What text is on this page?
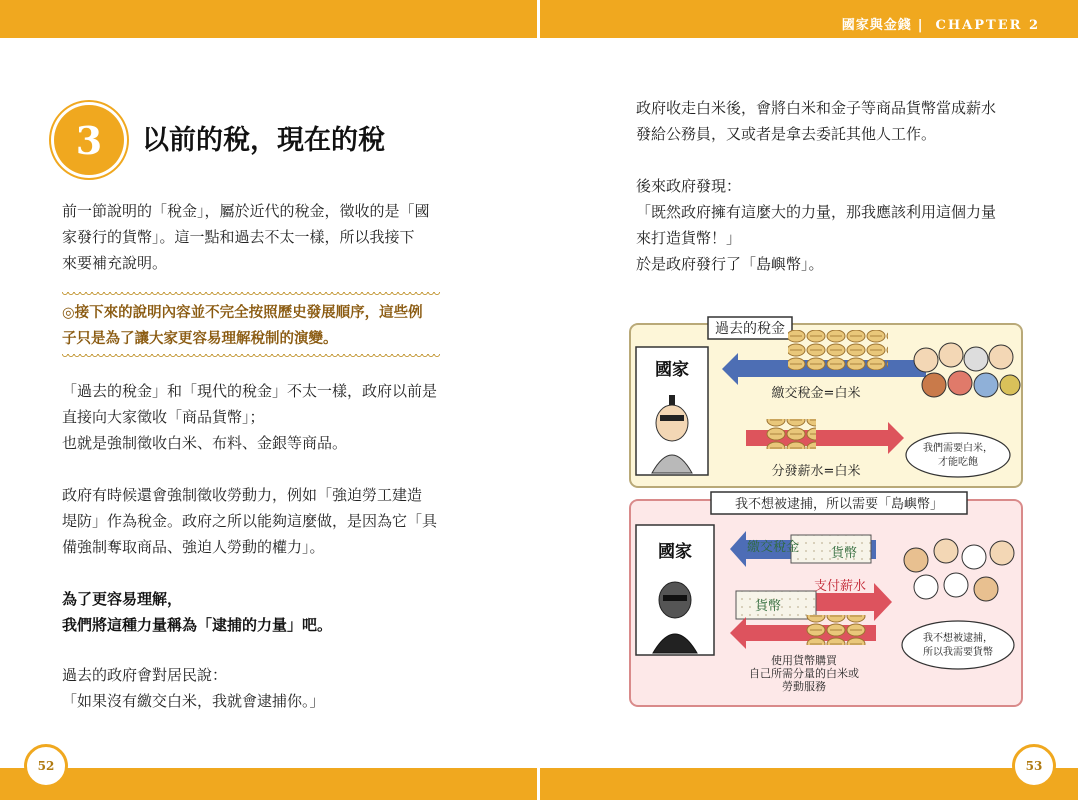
國家與金錢 | CHAPTER 2
3	以前的稅，現在的稅

前一節說明的「稅金」，屬於近代的稅金，徵收的是「國

家發行的貨幣」。這一點和過去不太一樣，所以我接下

來要補充說明。

◎接下來的說明內容並不完全按照歷史發展順序，這些例

子只是為了讓大家更容易理解稅制的演變。

「過去的稅金」和「現代的稅金」不太一樣，政府以前是

直接向大家徵收「商品貨幣」；

也就是強制徵收白米、布料、金銀等商品。

政府有時候還會強制徵收勞動力，例如「強迫勞工建造

堤防」作為稅金。政府之所以能夠這麼做，是因為它「具

備強制奪取商品、強迫人勞動的權力」。

為了更容易理解，

我們將這種力量稱為「逮捕的力量」吧。

過去的政府會對居民說：

「如果沒有繳交白米，我就會逮捕你。」

政府收走白米後，會將白米和金子等商品貨幣當成薪水

發給公務員，又或者是拿去委託其他人工作。

後來政府發現：

「既然政府擁有這麼大的力量，那我應該利用這個力量

來打造貨幣！」

於是政府發行了「島嶼幣」。

過去的稅金
國家
繳交稅金=白米
分發薪水=白米
我們需要白米，
才能吃飽
我不想被逮捕，所以需要「島嶼幣」
國家	繳交稅金 貨幣
貨幣
支付薪水
使用貨幣購買
自己所需分量的白米或
勞動服務
我不想被逮捕，
所以我需要貨幣
52	53
